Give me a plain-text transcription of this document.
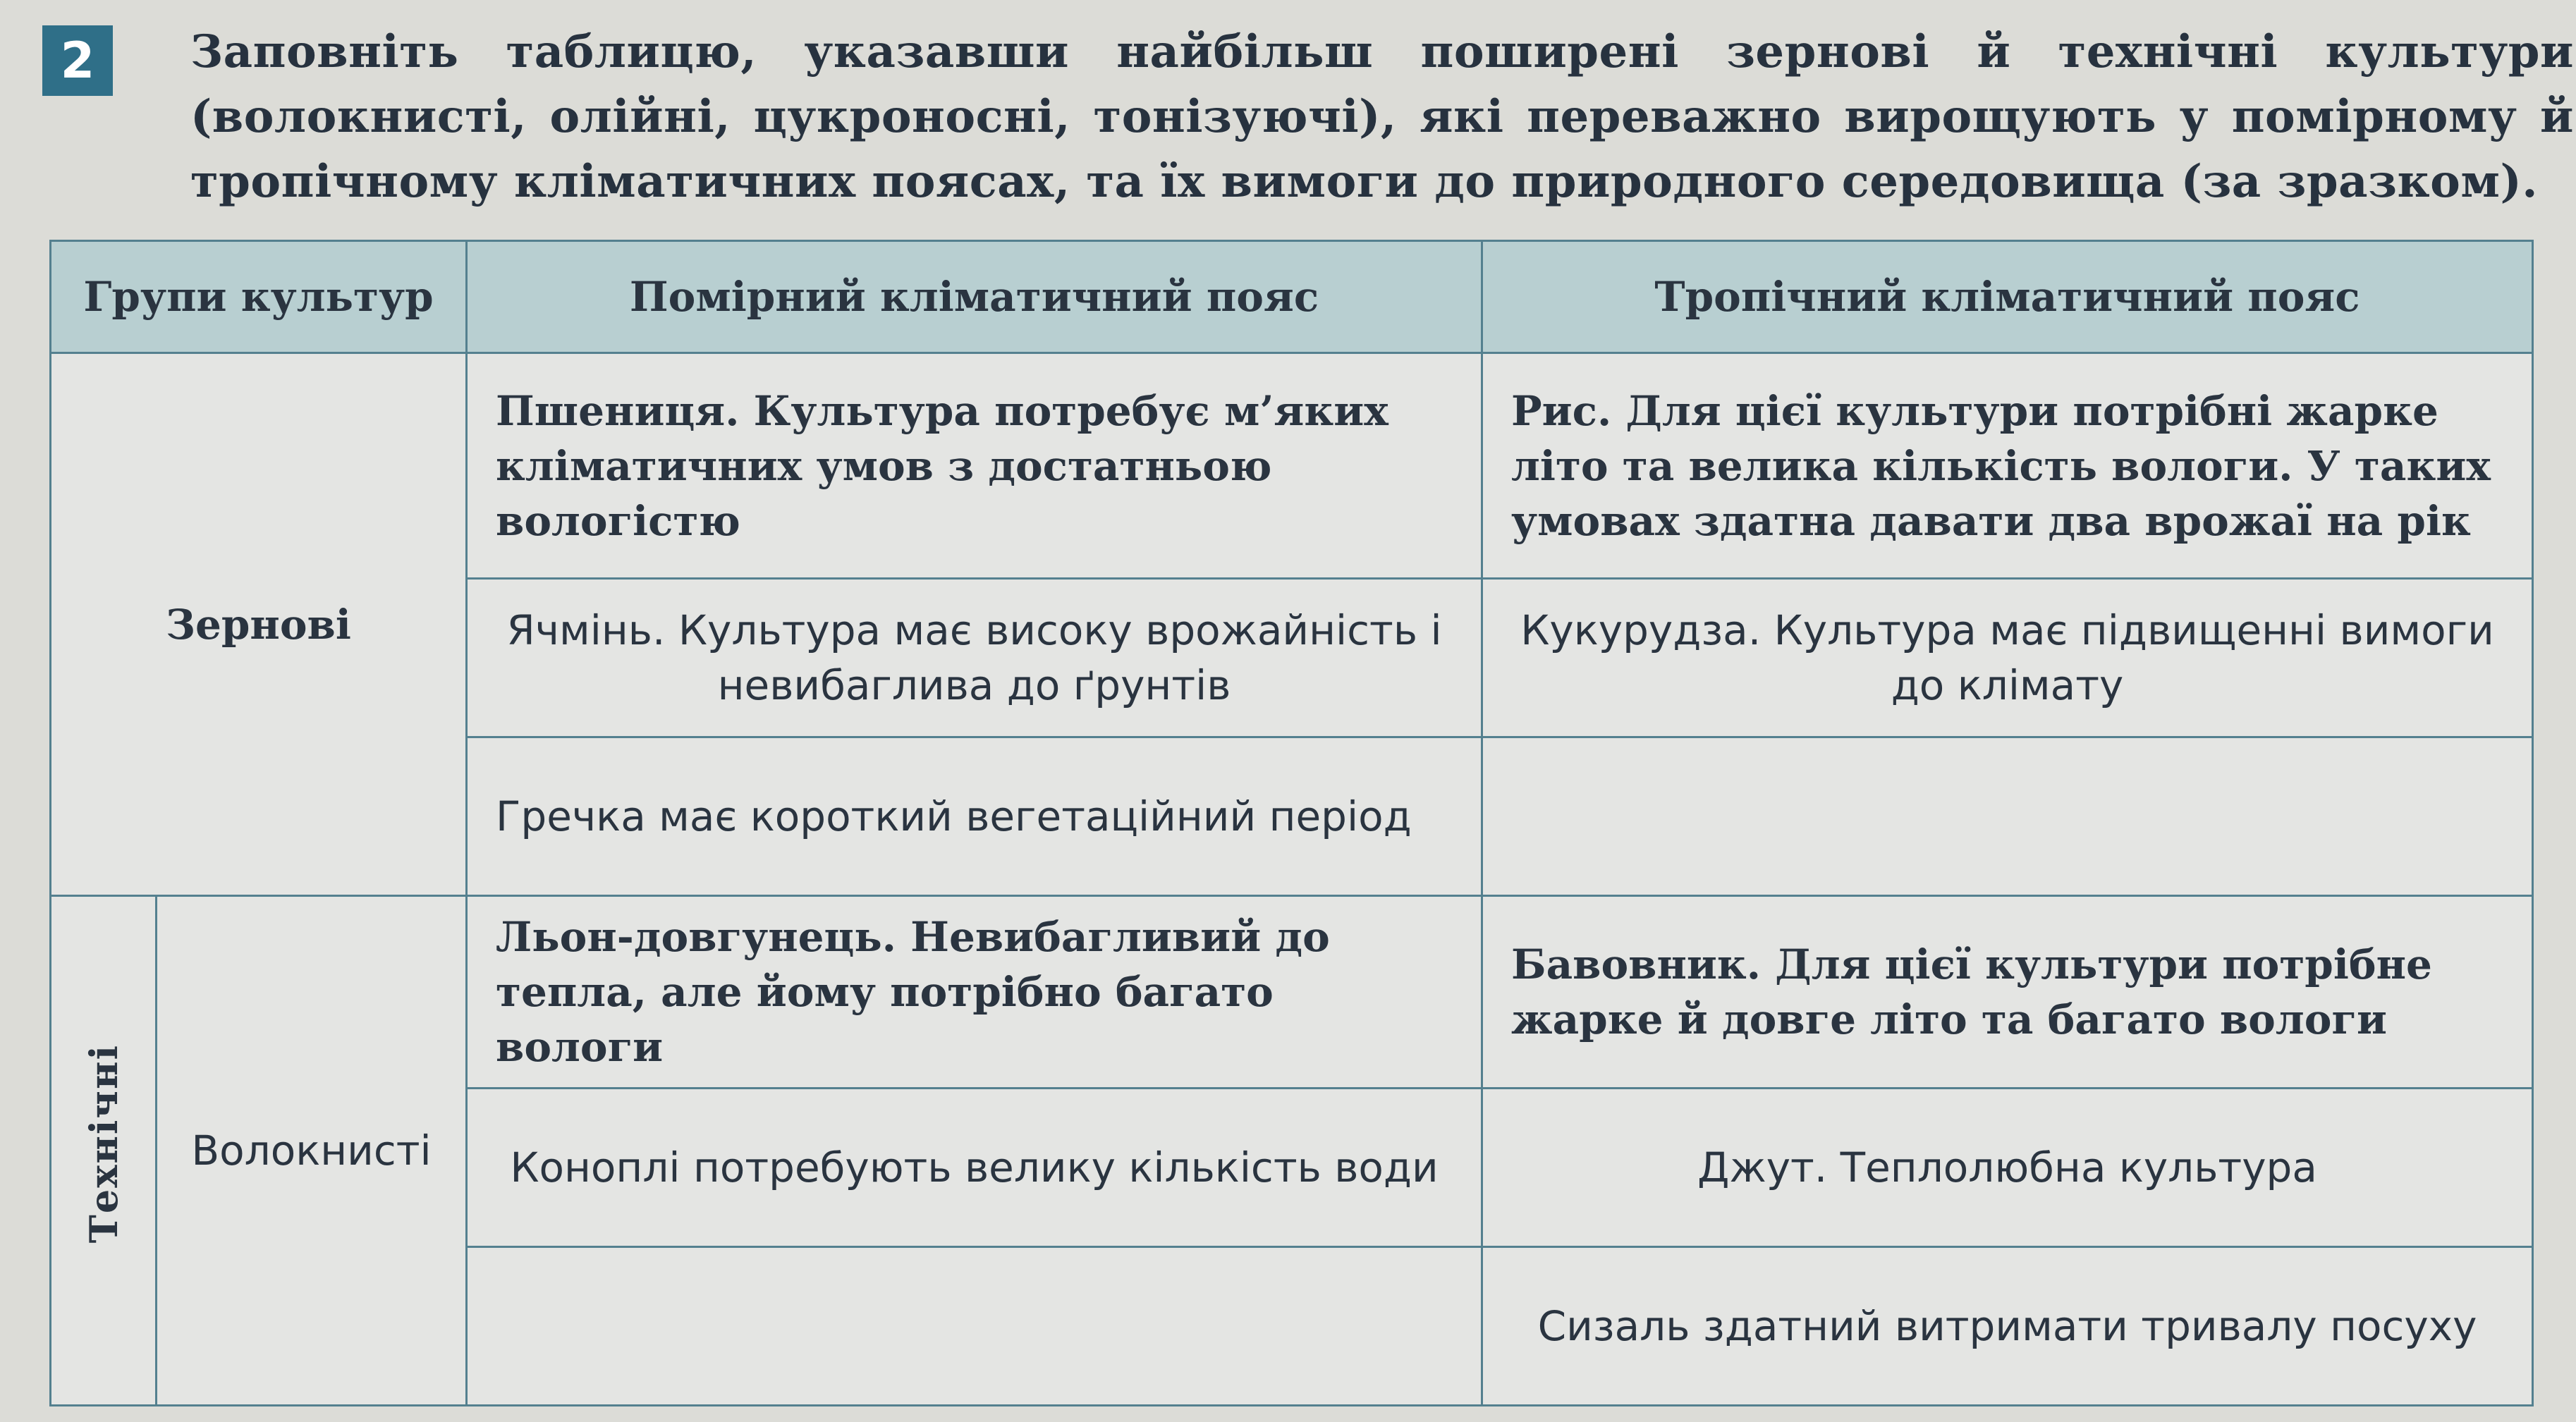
2	Заповніть таблицю, указавши найбільш поширені зернові й технічні культури (волокнисті, олійні, цукроносні, тонізуючі), які переважно вирощують у помірному й тропічному кліматичних поясах, та їх вимоги до природного середовища (за зразком).
Групи культур		Помірний кліматичний пояс	Тропічний кліматичний пояс
Зернові		Пшениця. Культура потребує м’яких кліматичних умов з достатньою вологістю	Рис. Для цієї культури потрібні жарке літо та велика кількість вологи. У таких умовах здатна давати два врожаї на рік
		Ячмінь. Культура має високу врожайність і невибаглива до ґрунтів	Кукурудза. Культура має підвищенні вимоги до клімату
		Гречка має короткий вегетаційний період	
Технічні	Волокнисті	Льон-довгунець. Невибагливий до тепла, але йому потрібно багато вологи	Бавовник. Для цієї культури потрібне жарке й довге літо та багато вологи
		Коноплі потребують велику кількість води	Джут. Теплолюбна культура
			Сизаль здатний витримати тривалу посуху
